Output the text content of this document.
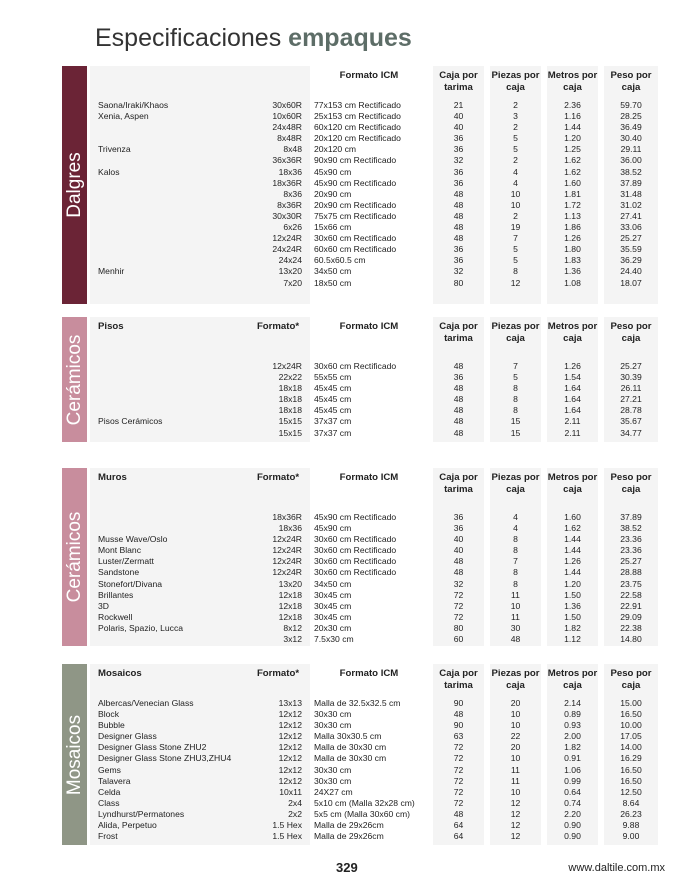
Especificaciones empaques
Dalgres
		Formato ICM	Caja por tarima	Piezas por caja	Metros por caja	Peso por caja
Saona/Iraki/Khaos	30x60R	77x153 cm Rectificado	21	2	2.36	59.70
Xenia, Aspen	10x60R	25x153 cm Rectificado	40	3	1.16	28.25
	24x48R	60x120 cm Rectificado	40	2	1.44	36.49
	8x48R	20x120 cm Rectificado	36	5	1.20	30.40
Trivenza	8x48	20x120 cm	36	5	1.25	29.11
	36x36R	90x90 cm Rectificado	32	2	1.62	36.00
Kalos	18x36	45x90 cm	36	4	1.62	38.52
	18x36R	45x90 cm Rectificado	36	4	1.60	37.89
	8x36	20x90 cm	48	10	1.81	31.48
	8x36R	20x90 cm Rectificado	48	10	1.72	31.02
	30x30R	75x75 cm Rectificado	48	2	1.13	27.41
	6x26	15x66 cm	48	19	1.86	33.06
	12x24R	30x60 cm Rectificado	48	7	1.26	25.27
	24x24R	60x60 cm Rectificado	36	5	1.80	35.59
	24x24	60.5x60.5 cm	36	5	1.83	36.29
Menhir	13x20	34x50 cm	32	8	1.36	24.40
	7x20	18x50 cm	80	12	1.08	18.07
Cerámicos
Pisos	Formato*	Formato ICM	Caja por tarima	Piezas por caja	Metros por caja	Peso por caja

	12x24R	30x60 cm Rectificado	48	7	1.26	25.27
	22x22	55x55 cm	36	5	1.54	30.39
	18x18	45x45 cm	48	8	1.64	26.11
	18x18	45x45 cm	48	8	1.64	27.21
	18x18	45x45 cm	48	8	1.64	28.78
Pisos Cerámicos	15x15	37x37 cm	48	15	2.11	35.67
	15x15	37x37 cm	48	15	2.11	34.77
Cerámicos
Muros	Formato*	Formato ICM	Caja por tarima	Piezas por caja	Metros por caja	Peso por caja

	18x36R	45x90 cm Rectificado	36	4	1.60	37.89
	18x36	45x90 cm	36	4	1.62	38.52
Musse Wave/Oslo	12x24R	30x60 cm Rectificado	40	8	1.44	23.36
Mont Blanc	12x24R	30x60 cm Rectificado	40	8	1.44	23.36
Luster/Zermatt	12x24R	30x60 cm Rectificado	48	7	1.26	25.27
Sandstone	12x24R	30x60 cm Rectificado	48	8	1.44	28.88
Stonefort/Divana	13x20	34x50 cm	32	8	1.20	23.75
Brillantes	12x18	30x45 cm	72	11	1.50	22.58
3D	12x18	30x45 cm	72	10	1.36	22.91
Rockwell	12x18	30x45 cm	72	11	1.50	29.09
Polaris, Spazio, Lucca	8x12	20x30 cm	80	30	1.82	22.38
	3x12	7.5x30 cm	60	48	1.12	14.80
Mosaicos
Mosaicos	Formato*	Formato ICM	Caja por tarima	Piezas por caja	Metros por caja	Peso por caja
Albercas/Venecian Glass	13x13	Malla de 32.5x32.5 cm	90	20	2.14	15.00
Block	12x12	30x30 cm	48	10	0.89	16.50
Bubble	12x12	30x30 cm	90	10	0.93	10.00
Designer Glass	12x12	Malla 30x30.5 cm	63	22	2.00	17.05
Designer Glass Stone ZHU2	12x12	Malla de 30x30 cm	72	20	1.82	14.00
Designer Glass Stone ZHU3,ZHU4	12x12	Malla de 30x30 cm	72	10	0.91	16.29
Gems	12x12	30x30 cm	72	11	1.06	16.50
Talavera	12x12	30x30 cm	72	11	0.99	16.50
Celda	10x11	24X27 cm	72	10	0.64	12.50
Class	2x4	5x10 cm (Malla 32x28 cm)	72	12	0.74	8.64
Lyndhurst/Permatones	2x2	5x5 cm (Malla 30x60 cm)	48	12	2.20	26.23
Alida, Perpetuo	1.5 Hex	Malla de 29x26cm	64	12	0.90	9.88
Frost	1.5 Hex	Malla de 29x26cm	64	12	0.90	9.00
329	www.daltile.com.mx
